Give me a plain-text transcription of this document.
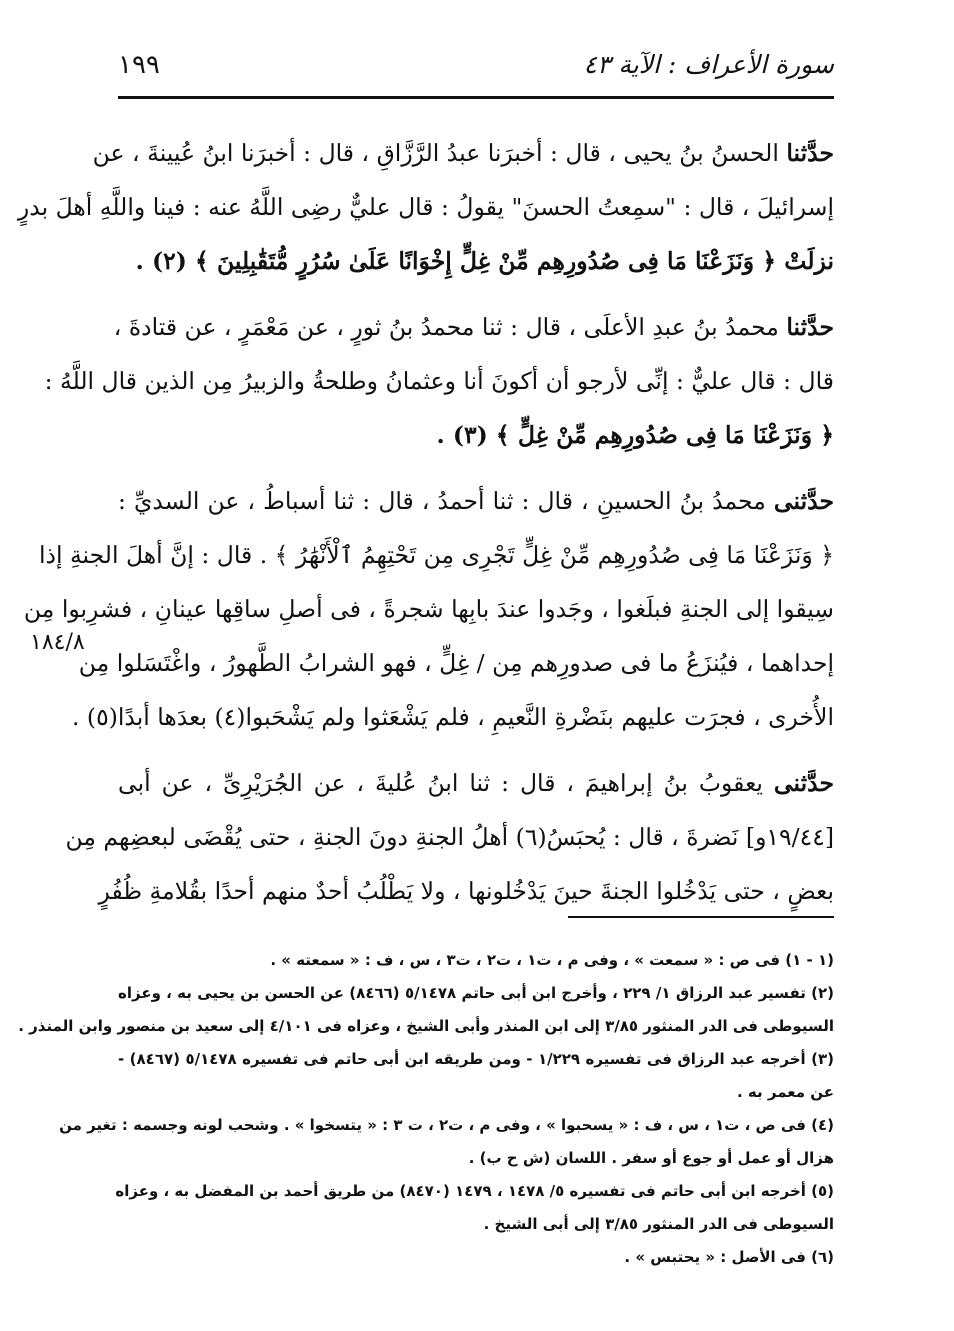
سورة الأعراف : الآية ٤٣
١٩٩
١٨٤/٨
حدَّثنا الحسنُ بنُ يحيى ، قال : أخبرَنا عبدُ الرَّزَّاقِ ، قال : أخبرَنا ابنُ عُيينةَ ، عن
إسرائيلَ ، قال : "سمِعتُ الحسنَ" يقولُ : قال عليٌّ رضِى اللَّهُ عنه : فينا واللَّهِ أهلَ بدرٍ
نزلَتْ ﴿ وَنَزَعْنَا مَا فِى صُدُورِهِم مِّنْ غِلٍّ إِخْوَانًا عَلَىٰ سُرُرٍ مُّتَقَٰبِلِينَ ﴾ (٢) .
حدَّثنا محمدُ بنُ عبدِ الأعلَى ، قال : ثنا محمدُ بنُ ثورٍ ، عن مَعْمَرٍ ، عن قتادةَ ،
قال : قال عليٌّ : إنِّى لأرجو أن أكونَ أنا وعثمانُ وطلحةُ والزبيرُ مِن الذين قال اللَّهُ :
﴿ وَنَزَعْنَا مَا فِى صُدُورِهِم مِّنْ غِلٍّ ﴾ (٣) .
حدَّثنى محمدُ بنُ الحسينِ ، قال : ثنا أحمدُ ، قال : ثنا أسباطُ ، عن السديِّ :
﴿ وَنَزَعْنَا مَا فِى صُدُورِهِم مِّنْ غِلٍّ تَجْرِى مِن تَحْتِهِمُ ٱلْأَنْهَٰرُ ﴾ . قال : إنَّ أهلَ الجنةِ إذا
سِيقوا إلى الجنةِ فبلَغوا ، وجَدوا عندَ بابِها شجرةً ، فى أصلِ ساقِها عينانِ ، فشرِبوا مِن
إحداهما ، فيُنزَعُ ما فى صدورِهم مِن / غِلٍّ ، فهو الشرابُ الطَّهورُ ، واغْتَسَلوا مِن
الأُخرى ، فجرَت عليهم بنَضْرةِ النَّعيمِ ، فلم يَشْعَثوا ولم يَشْحَبوا(٤) بعدَها أبدًا(٥) .
حدَّثنى يعقوبُ بنُ إبراهيمَ ، قال : ثنا ابنُ عُليةَ ، عن الجُرَيْرِىِّ ، عن أبى
[١٩/٤٤و] نَضرةَ ، قال : يُحبَسُ(٦) أهلُ الجنةِ دونَ الجنةِ ، حتى يُقْضَى لبعضِهم مِن
بعضٍ ، حتى يَدْخُلوا الجنةَ حينَ يَدْخُلونها ، ولا يَطْلُبُ أحدٌ منهم أحدًا بقُلامةِ ظُفُرٍ
(١ - ١) فى ص : « سمعت » ، وفى م ، ت١ ، ت٢ ، ت٣ ، س ، ف : « سمعته » .
(٢) تفسير عبد الرزاق ١/ ٢٢٩ ، وأخرج ابن أبى حاتم ٥/١٤٧٨ (٨٤٦٦) عن الحسن بن يحيى به ، وعزاه
السيوطى فى الدر المنثور ٣/٨٥ إلى ابن المنذر وأبى الشيخ ، وعزاه فى ٤/١٠١ إلى سعيد بن منصور وابن المنذر .
(٣) أخرجه عبد الرزاق فى تفسيره ١/٢٢٩ - ومن طريقه ابن أبى حاتم فى تفسيره ٥/١٤٧٨ (٨٤٦٧) -
عن معمر به .
(٤) فى ص ، ت١ ، س ، ف : « يسحبوا » ، وفى م ، ت٢ ، ت ٣ : « يتسخوا » . وشحب لونه وجسمه : تغير من
هزال أو عمل أو جوع أو سفر . اللسان (ش ح ب) .
(٥) أخرجه ابن أبى حاتم فى تفسيره ٥/ ١٤٧٨ ، ١٤٧٩ (٨٤٧٠) من طريق أحمد بن المفضل به ، وعزاه
السيوطى فى الدر المنثور ٣/٨٥ إلى أبى الشيخ .
(٦) فى الأصل : « يحتبس » .
